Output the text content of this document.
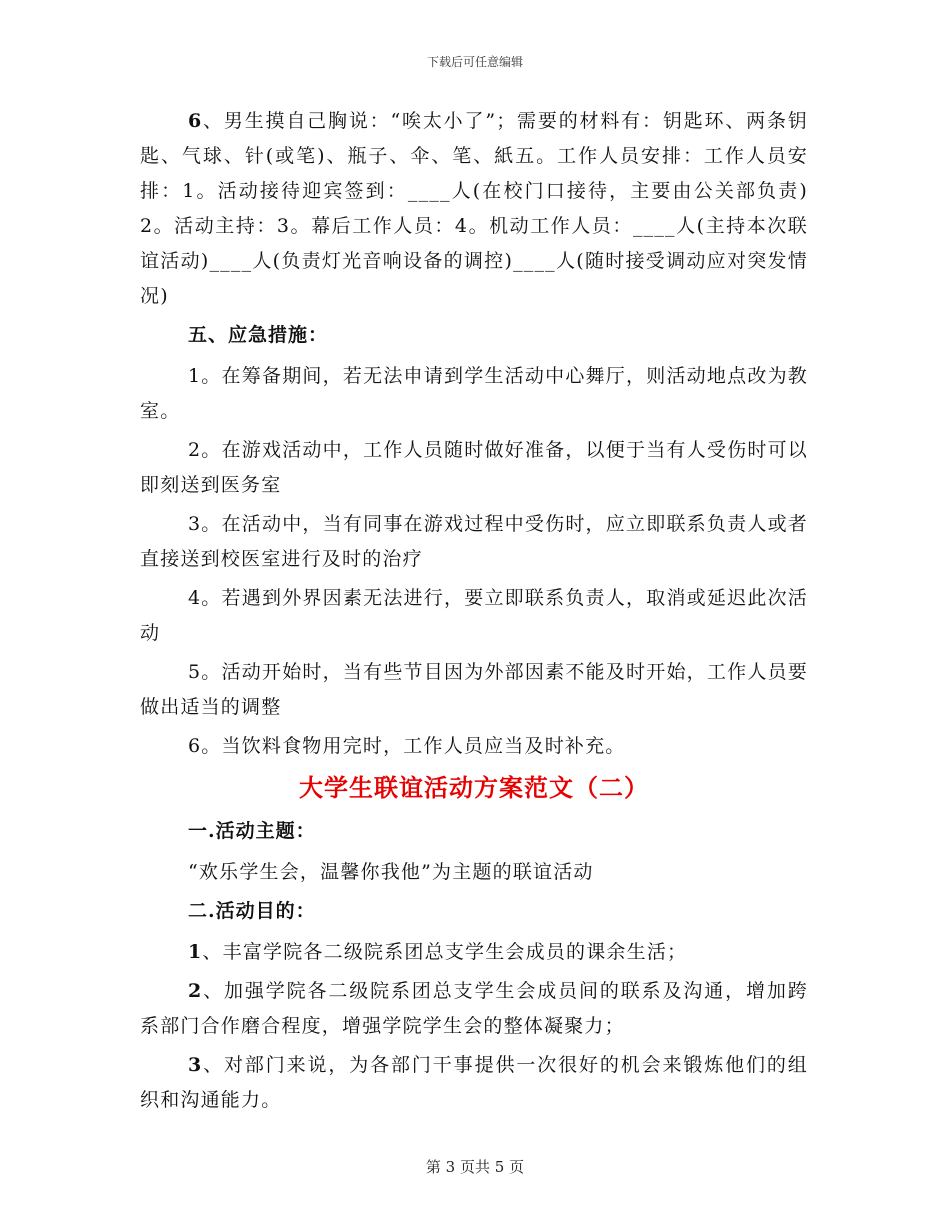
下载后可任意编辑

6、男生摸自己胸说：“唉太小了”；需要的材料有：钥匙环、两条钥匙、气球、针(或笔)、瓶子、伞、笔、紙五。工作人员安排：工作人员安排：1。活动接待迎宾签到：____人(在校门口接待，主要由公关部负责)2。活动主持：3。幕后工作人员：4。机动工作人员：____人(主持本次联谊活动)____人(负责灯光音响设备的调控)____人(随时接受调动应对突发情况)

五、应急措施：

1。在筹备期间，若无法申请到学生活动中心舞厅，则活动地点改为教室。

2。在游戏活动中，工作人员随时做好准备，以便于当有人受伤时可以即刻送到医务室

3。在活动中，当有同事在游戏过程中受伤时，应立即联系负责人或者直接送到校医室进行及时的治疗

4。若遇到外界因素无法进行，要立即联系负责人，取消或延迟此次活动

5。活动开始时，当有些节目因为外部因素不能及时开始，工作人员要做出适当的调整

6。当饮料食物用完时，工作人员应当及时补充。

大学生联谊活动方案范文（二）
一.活动主题：

“欢乐学生会，温馨你我他”为主题的联谊活动

二.活动目的：

1、丰富学院各二级院系团总支学生会成员的课余生活；

2、加强学院各二级院系团总支学生会成员间的联系及沟通，增加跨系部门合作磨合程度，增强学院学生会的整体凝聚力；

3、对部门来说，为各部门干事提供一次很好的机会来锻炼他们的组织和沟通能力。

第 3 页共 5 页
